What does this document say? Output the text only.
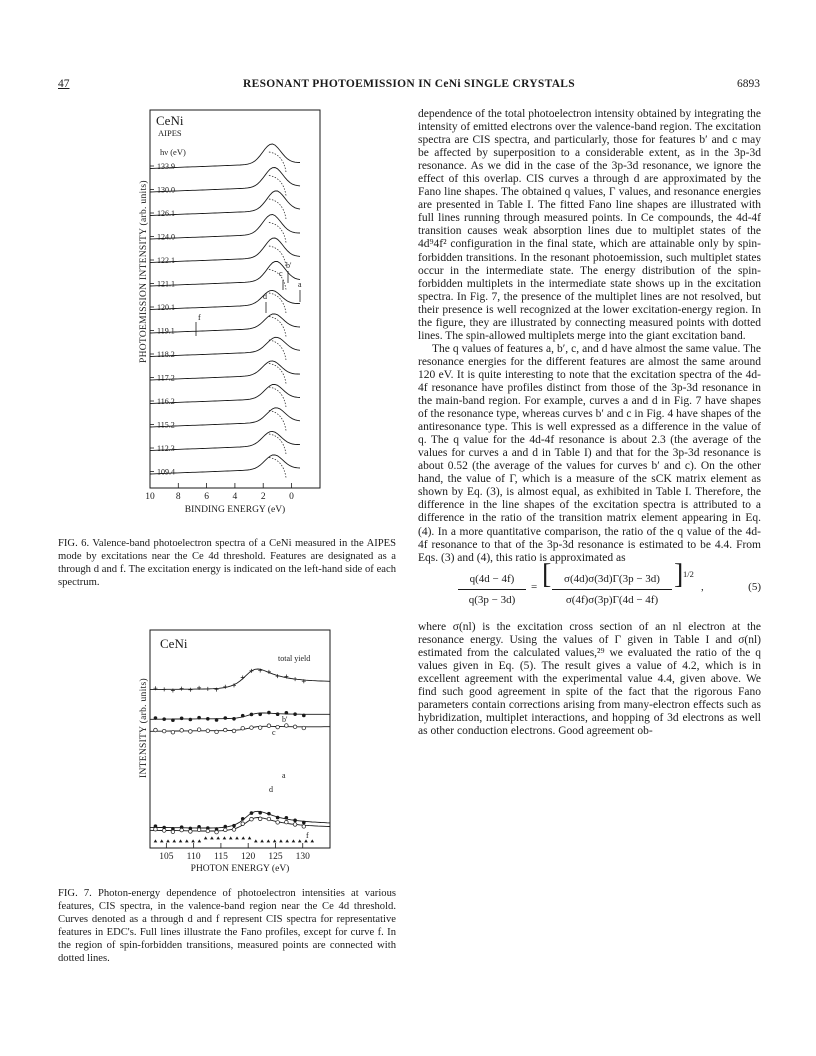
47	RESONANT PHOTOEMISSION IN CeNi SINGLE CRYSTALS	6893
CeNi
AIPES
hν (eV)
PHOTOEMISSION INTENSITY (arb. units)
BINDING ENERGY (eV)
133.9
130.0
126.1
124.0
122.1
121.1
120.1
119.1
118.2
117.2
116.2
115.2
112.3
109.4
10 8 6 4 2 0
c
b'
a
d
f
FIG. 6. Valence-band photoelectron spectra of a CeNi measured in the AIPES mode by excitations near the Ce 4d threshold. Features are designated as a through d and f. The excitation energy is indicated on the left-hand side of each spectrum.
CeNi
INTENSITY (arb. units)
PHOTON ENERGY (eV)
105 110 115 120 125 130
total yield
b'
c
a
d
f
FIG. 7. Photon-energy dependence of photoelectron intensities at various features, CIS spectra, in the valence-band region near the Ce 4d threshold. Curves denoted as a through d and f represent CIS spectra for representative features in EDC's. Full lines illustrate the Fano profiles, except for curve f. In the region of spin-forbidden transitions, measured points are connected with dotted lines.

dependence of the total photoelectron intensity obtained by integrating the intensity of emitted electrons over the valence-band region. The excitation spectra are CIS spectra, and particularly, those for features b′ and c may be affected by superposition to a considerable extent, as in the 3p-3d resonance. As we did in the case of the 3p-3d resonance, we ignore the effect of this overlap. CIS curves a through d are approximated by the Fano line shapes. The obtained q values, Γ values, and resonance energies are presented in Table I. The fitted Fano line shapes are illustrated with full lines running through measured points. In Ce compounds, the 4d-4f transition causes weak absorption lines due to multiplet states of the 4d⁹4f² configuration in the final state, which are attainable only by spin-forbidden transitions. In the resonant photoemission, such multiplet states occur in the intermediate state. The energy distribution of the spin-forbidden multiplets in the intermediate state shows up in the excitation spectra. In Fig. 7, the presence of the multiplet lines are not resolved, but their presence is well recognized at the lower excitation-energy region. In the figure, they are illustrated by connecting measured points with dotted lines. The spin-allowed multiplets merge into the giant excitation band.

The q values of features a, b′, c, and d have almost the same value. The resonance energies for the different features are almost the same around 120 eV. It is quite interesting to note that the excitation spectra of the 4d-4f resonance have profiles distinct from those of the 3p-3d resonance in the main-band region. For example, curves a and d in Fig. 7 have shapes of the resonance type, whereas curves b′ and c in Fig. 4 have shapes of the antiresonance type. This is well expressed as a difference in the value of q. The q value for the 4d-4f resonance is about 2.3 (the average of the values for curves a and d in Table I) and that for the 3p-3d resonance is about 0.52 (the average of the values for curves b′ and c). On the other hand, the value of Γ, which is a measure of the sCK matrix element as shown by Eq. (3), is almost equal, as exhibited in Table I. Therefore, the difference in the line shapes of the excitation spectra is attributed to a difference in the ratio of the transition matrix element appearing in Eq. (4). In a more quantitative comparison, the ratio of the q value of the 4d-4f resonance to that of the 3p-3d resonance is estimated to be 4.4. From Eqs. (3) and (4), this ratio is approximated as

$\frac{q(4d - 4f)}{q(3p - 3d)}$ = [ $\frac{\sigma(4d)\sigma(3d)\Gamma(3p - 3d)}{\sigma(4f)\sigma(3p)\Gamma(4d - 4f)}$ ] 1/2
,	(5)

where σ(nl) is the excitation cross section of an nl electron at the resonance energy. Using the values of Γ given in Table I and σ(nl) estimated from the calculated values,²⁹ we evaluated the ratio of the q values given in Eq. (5). The result gives a value of 4.2, which is in excellent agreement with the experimental value 4.4, given above. We find such good agreement in spite of the fact that the rigorous Fano parameters contain corrections arising from many-electron effects such as hybridization, multiplet interactions, and hopping of 3d electrons as well as other conduction electrons. Good agreement ob-
